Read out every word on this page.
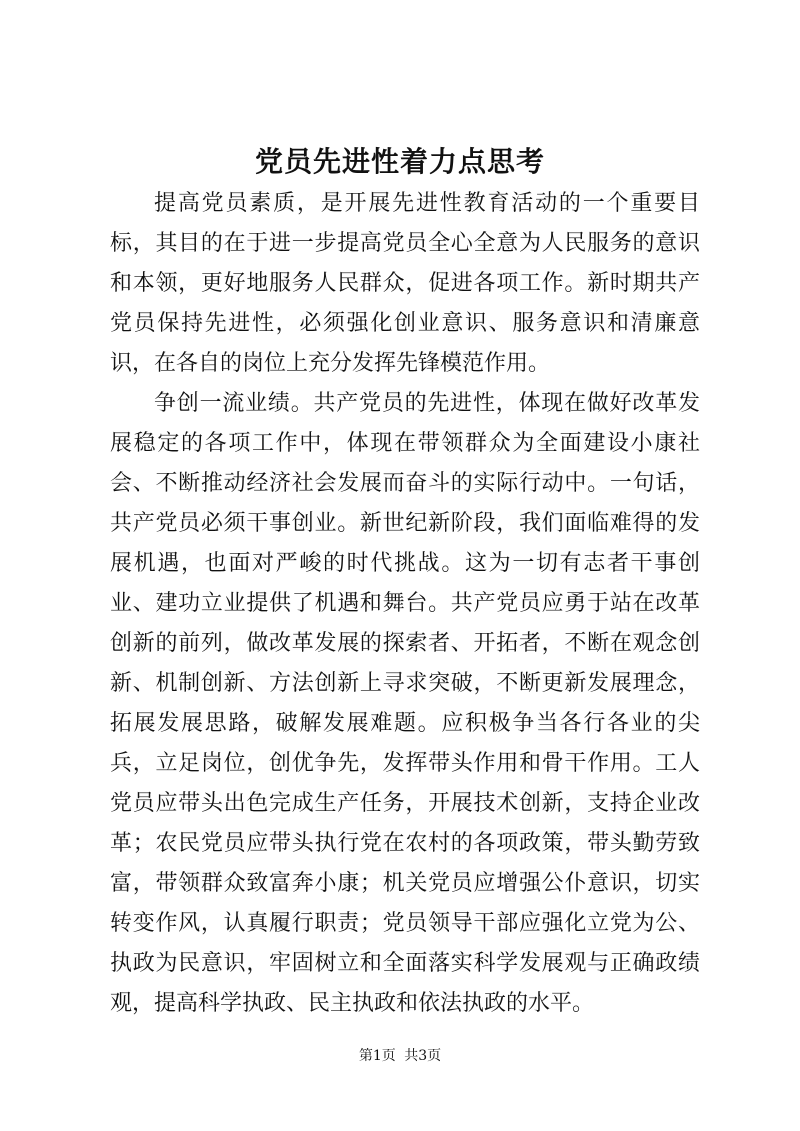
党员先进性着力点思考

提高党员素质，是开展先进性教育活动的一个重要目标，其目的在于进一步提高党员全心全意为人民服务的意识和本领，更好地服务人民群众，促进各项工作。新时期共产党员保持先进性，必须强化创业意识、服务意识和清廉意识，在各自的岗位上充分发挥先锋模范作用。

争创一流业绩。共产党员的先进性，体现在做好改革发展稳定的各项工作中，体现在带领群众为全面建设小康社会、不断推动经济社会发展而奋斗的实际行动中。一句话，共产党员必须干事创业。新世纪新阶段，我们面临难得的发展机遇，也面对严峻的时代挑战。这为一切有志者干事创业、建功立业提供了机遇和舞台。共产党员应勇于站在改革创新的前列，做改革发展的探索者、开拓者，不断在观念创新、机制创新、方法创新上寻求突破，不断更新发展理念，拓展发展思路，破解发展难题。应积极争当各行各业的尖兵，立足岗位，创优争先，发挥带头作用和骨干作用。工人党员应带头出色完成生产任务，开展技术创新，支持企业改革；农民党员应带头执行党在农村的各项政策，带头勤劳致富，带领群众致富奔小康；机关党员应增强公仆意识，切实转变作风，认真履行职责；党员领导干部应强化立党为公、执政为民意识，牢固树立和全面落实科学发展观与正确政绩观，提高科学执政、民主执政和依法执政的水平。

第1页 共3页
